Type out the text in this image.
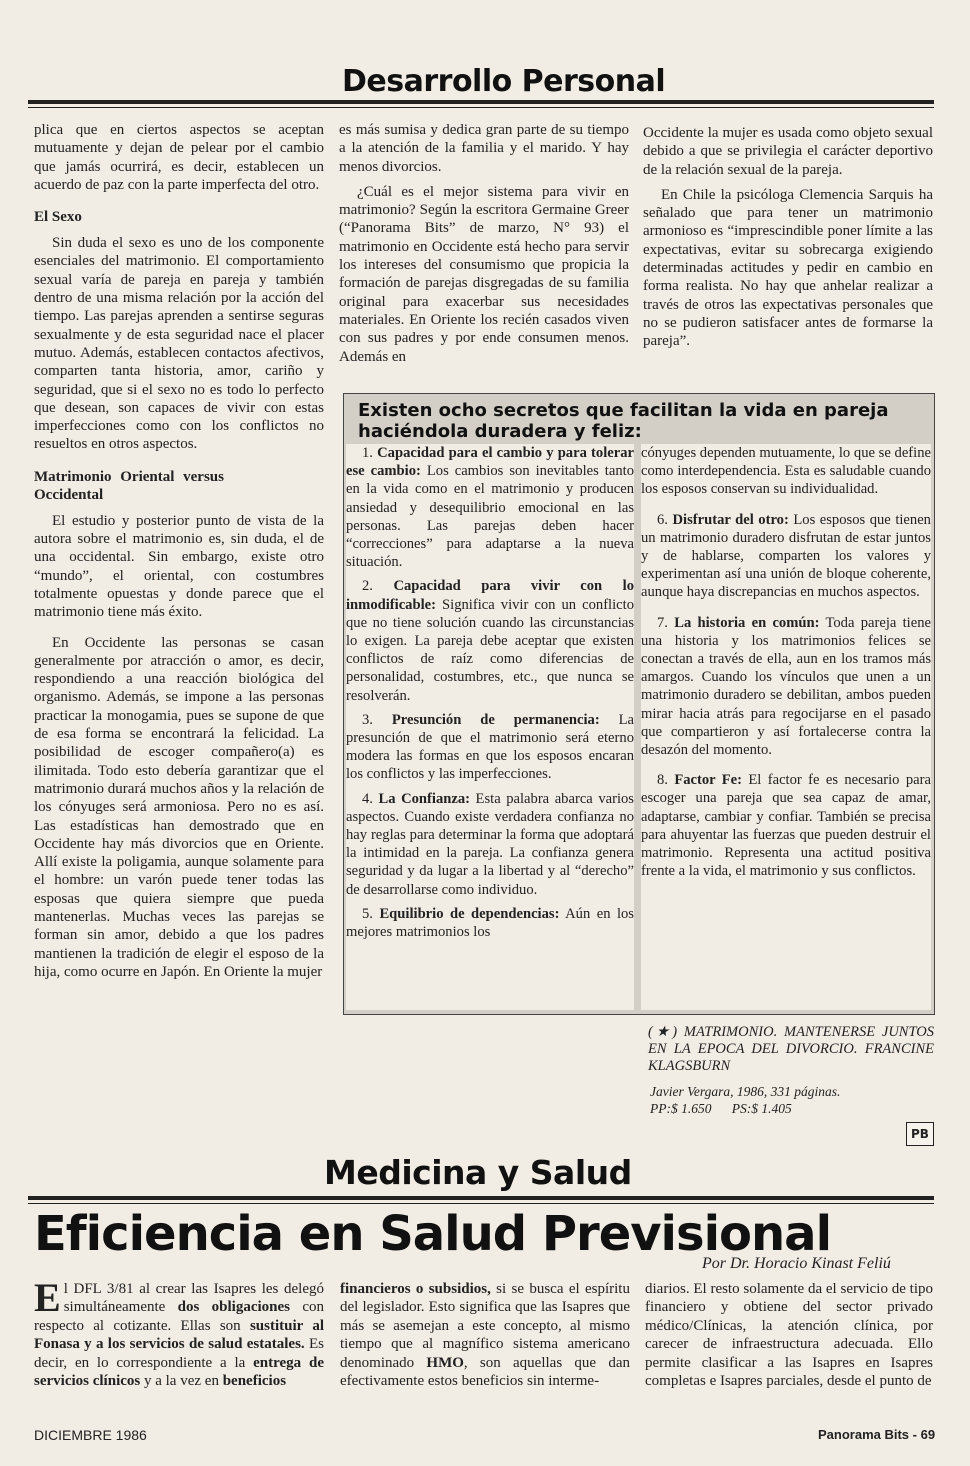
Desarrollo Personal

plica que en ciertos aspectos se aceptan mutuamente y dejan de pelear por el cambio que jamás ocurrirá, es decir, establecen un acuerdo de paz con la parte imperfecta del otro.

El Sexo

Sin duda el sexo es uno de los componente esenciales del matrimonio. El comportamiento sexual varía de pareja en pareja y también dentro de una misma relación por la acción del tiempo. Las parejas aprenden a sentirse seguras sexualmente y de esta seguridad nace el placer mutuo. Además, establecen contactos afectivos, comparten tanta historia, amor, cariño y seguridad, que si el sexo no es todo lo perfecto que desean, son capaces de vivir con estas imperfecciones como con los conflictos no resueltos en otros aspectos.

Matrimonio Oriental versus Occidental

El estudio y posterior punto de vista de la autora sobre el matrimonio es, sin duda, el de una occidental. Sin embargo, existe otro “mundo”, el oriental, con costumbres totalmente opuestas y donde parece que el matrimonio tiene más éxito.

En Occidente las personas se casan generalmente por atracción o amor, es decir, respondiendo a una reacción biológica del organismo. Además, se impone a las personas practicar la monogamia, pues se supone de que de esa forma se encontrará la felicidad. La posibilidad de escoger compañero(a) es ilimitada. Todo esto debería garantizar que el matrimonio durará muchos años y la relación de los cónyuges será armoniosa. Pero no es así. Las estadísticas han demostrado que en Occidente hay más divorcios que en Oriente. Allí existe la poligamia, aunque solamente para el hombre: un varón puede tener todas las esposas que quiera siempre que pueda mantenerlas. Muchas veces las parejas se forman sin amor, debido a que los padres mantienen la tradición de elegir el esposo de la hija, como ocurre en Japón. En Oriente la mujer

es más sumisa y dedica gran parte de su tiempo a la atención de la familia y el marido. Y hay menos divorcios.

¿Cuál es el mejor sistema para vivir en matrimonio? Según la escritora Germaine Greer (“Panorama Bits” de marzo, N° 93) el matrimonio en Occidente está hecho para servir los intereses del consumismo que propicia la formación de parejas disgregadas de su familia original para exacerbar sus necesidades materiales. En Oriente los recién casados viven con sus padres y por ende consumen menos. Además en

Occidente la mujer es usada como objeto sexual debido a que se privilegia el carácter deportivo de la relación sexual de la pareja.

En Chile la psicóloga Clemencia Sarquis ha señalado que para tener un matrimonio armonioso es “imprescindible poner límite a las expectativas, evitar su sobrecarga exigiendo determinadas actitudes y pedir en cambio en forma realista. No hay que anhelar realizar a través de otros las expectativas personales que no se pudieron satisfacer antes de formarse la pareja”.

Existen ocho secretos que facilitan la vida en pareja haciéndola duradera y feliz:

1. Capacidad para el cambio y para tolerar ese cambio: Los cambios son inevitables tanto en la vida como en el matrimonio y producen ansiedad y desequilibrio emocional en las personas. Las parejas deben hacer “correcciones” para adaptarse a la nueva situación.

2. Capacidad para vivir con lo inmodificable: Significa vivir con un conflicto que no tiene solución cuando las circunstancias lo exigen. La pareja debe aceptar que existen conflictos de raíz como diferencias de personalidad, costumbres, etc., que nunca se resolverán.

3. Presunción de permanencia: La presunción de que el matrimonio será eterno modera las formas en que los esposos encaran los conflictos y las imperfecciones.

4. La Confianza: Esta palabra abarca varios aspectos. Cuando existe verdadera confianza no hay reglas para determinar la forma que adoptará la intimidad en la pareja. La confianza genera seguridad y da lugar a la libertad y al “derecho” de desarrollarse como individuo.

5. Equilibrio de dependencias: Aún en los mejores matrimonios los

cónyuges dependen mutuamente, lo que se define como interdependencia. Esta es saludable cuando los esposos conservan su individualidad.

6. Disfrutar del otro: Los esposos que tienen un matrimonio duradero disfrutan de estar juntos y de hablarse, comparten los valores y experimentan así una unión de bloque coherente, aunque haya discrepancias en muchos aspectos.

7. La historia en común: Toda pareja tiene una historia y los matrimonios felices se conectan a través de ella, aun en los tramos más amargos. Cuando los vínculos que unen a un matrimonio duradero se debilitan, ambos pueden mirar hacia atrás para regocijarse en el pasado que compartieron y así fortalecerse contra la desazón del momento.

8. Factor Fe: El factor fe es necesario para escoger una pareja que sea capaz de amar, adaptarse, cambiar y confiar. También se precisa para ahuyentar las fuerzas que pueden destruir el matrimonio. Representa una actitud positiva frente a la vida, el matrimonio y sus conflictos.

(★) MATRIMONIO. MANTENERSE JUNTOS EN LA EPOCA DEL DIVORCIO. FRANCINE KLAGSBURN
Javier Vergara, 1986, 331 páginas.
PP:$ 1.650      PS:$ 1.405
PB
Medicina y Salud
Eficiencia en Salud Previsional
Por Dr. Horacio Kinast Feliú
El DFL 3/81 al crear las Isapres les delegó simultáneamente dos obligaciones con respecto al cotizante. Ellas son sustituir al Fonasa y a los servicios de salud estatales. Es decir, en lo correspondiente a la entrega de servicios clínicos y a la vez en beneficios
financieros o subsidios, si se busca el espíritu del legislador. Esto significa que las Isapres que más se asemejan a este concepto, al mismo tiempo que al magnífico sistema americano denominado HMO, son aquellas que dan efectivamente estos beneficios sin interme-
diarios. El resto solamente da el servicio de tipo financiero y obtiene del sector privado médico/Clínicas, la atención clínica, por carecer de infraestructura adecuada. Ello permite clasificar a las Isapres en Isapres completas e Isapres parciales, desde el punto de
DICIEMBRE 1986	Panorama Bits - 69
